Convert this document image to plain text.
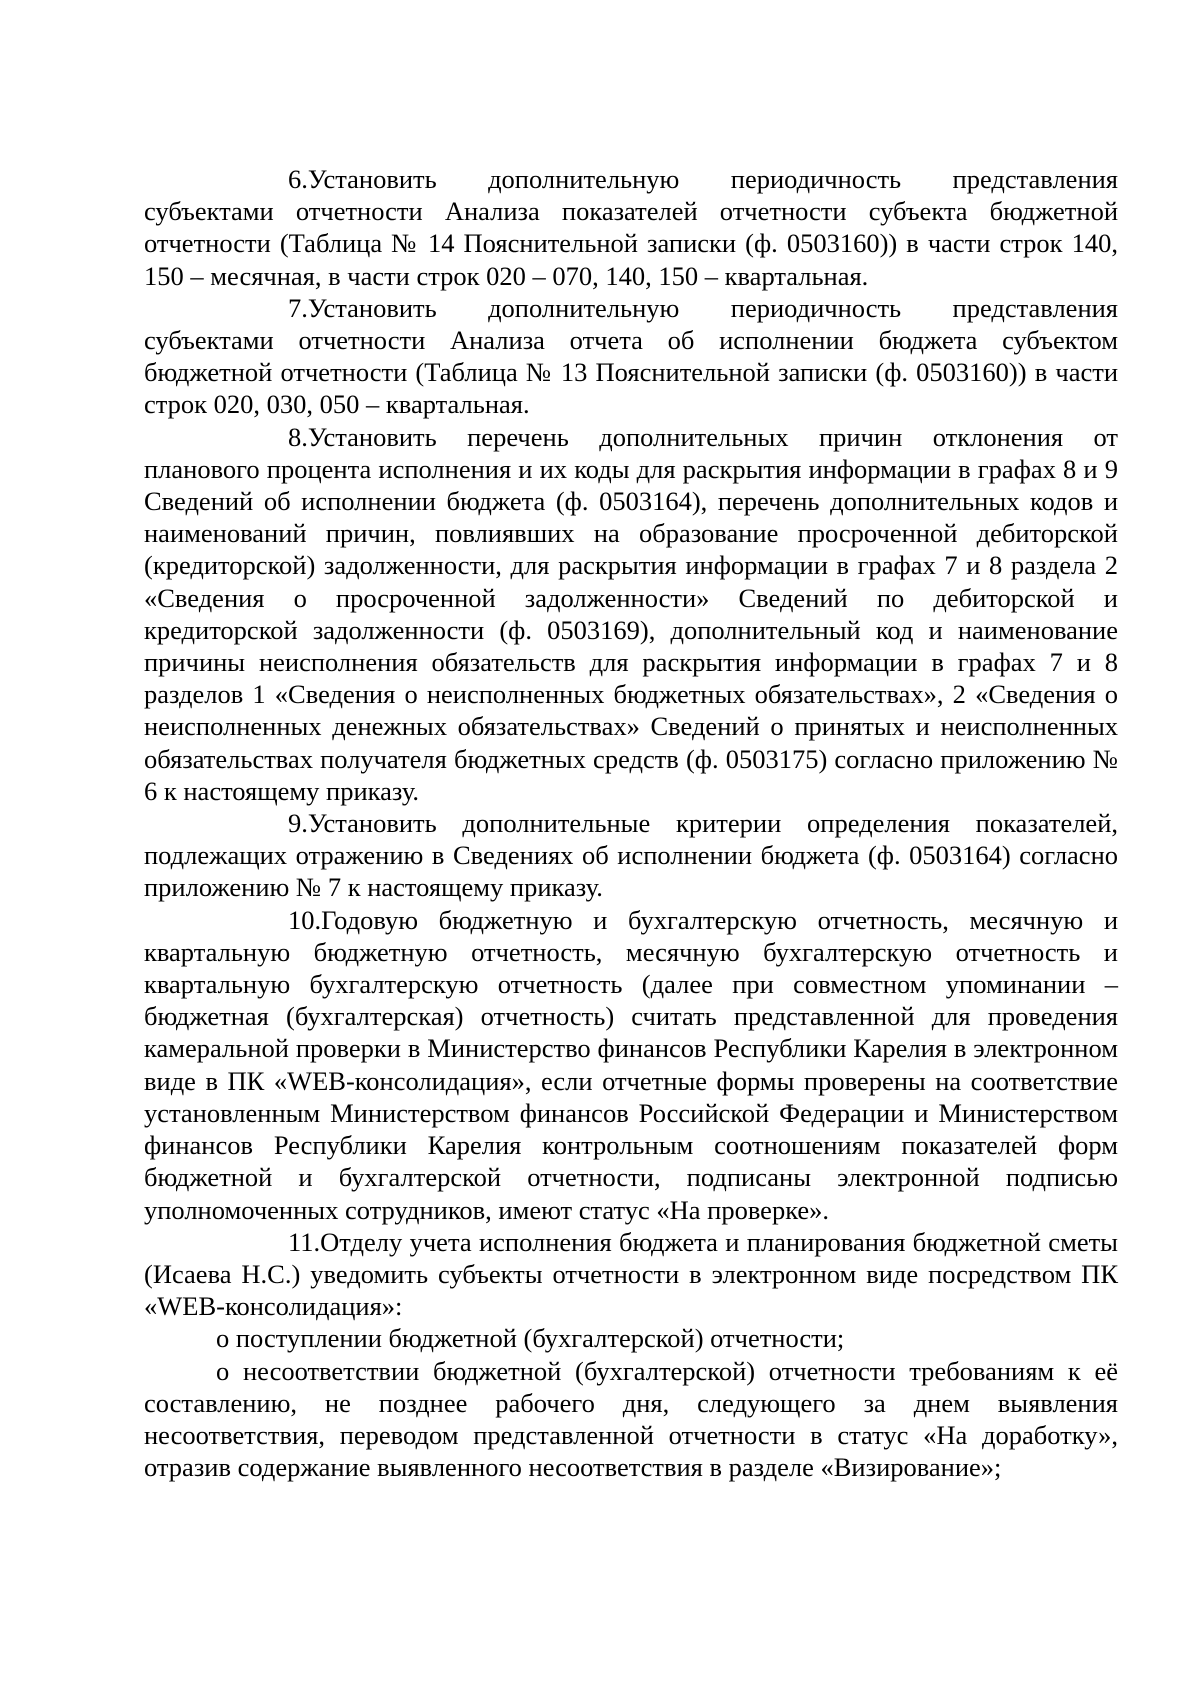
6.Установить дополнительную периодичность представления субъектами отчетности Анализа показателей отчетности субъекта бюджетной отчетности (Таблица № 14 Пояснительной записки (ф. 0503160)) в части строк 140, 150 – месячная, в части строк 020 – 070, 140, 150 – квартальная.

7.Установить дополнительную периодичность представления субъектами отчетности Анализа отчета об исполнении бюджета субъектом бюджетной отчетности (Таблица № 13 Пояснительной записки (ф. 0503160)) в части строк 020, 030, 050 – квартальная.

8.Установить перечень дополнительных причин отклонения от планового процента исполнения и их коды для раскрытия информации в графах 8 и 9 Сведений об исполнении бюджета (ф. 0503164), перечень дополнительных кодов и наименований причин, повлиявших на образование просроченной дебиторской (кредиторской) задолженности, для раскрытия информации в графах 7 и 8 раздела 2 «Сведения о просроченной задолженности» Сведений по дебиторской и кредиторской задолженности (ф. 0503169), дополнительный код и наименование причины неисполнения обязательств для раскрытия информации в графах 7 и 8 разделов 1 «Сведения о неисполненных бюджетных обязательствах», 2 «Сведения о неисполненных денежных обязательствах» Сведений о принятых и неисполненных обязательствах получателя бюджетных средств (ф. 0503175) согласно приложению № 6 к настоящему приказу.

9.Установить дополнительные критерии определения показателей, подлежащих отражению в Сведениях об исполнении бюджета (ф. 0503164) согласно приложению № 7 к настоящему приказу.

10.Годовую бюджетную и бухгалтерскую отчетность, месячную и квартальную бюджетную отчетность, месячную бухгалтерскую отчетность и квартальную бухгалтерскую отчетность (далее при совместном упоминании – бюджетная (бухгалтерская) отчетность) считать представленной для проведения камеральной проверки в Министерство финансов Республики Карелия в электронном виде в ПК «WEB-консолидация», если отчетные формы проверены на соответствие установленным Министерством финансов Российской Федерации и Министерством финансов Республики Карелия контрольным соотношениям показателей форм бюджетной и бухгалтерской отчетности, подписаны электронной подписью уполномоченных сотрудников, имеют статус «На проверке».

11.Отделу учета исполнения бюджета и планирования бюджетной сметы (Исаева Н.С.) уведомить субъекты отчетности в электронном виде посредством ПК «WEB-консолидация»:

о поступлении бюджетной (бухгалтерской) отчетности;

о несоответствии бюджетной (бухгалтерской) отчетности требованиям к её составлению, не позднее рабочего дня, следующего за днем выявления несоответствия, переводом представленной отчетности в статус «На доработку», отразив содержание выявленного несоответствия в разделе «Визирование»;
